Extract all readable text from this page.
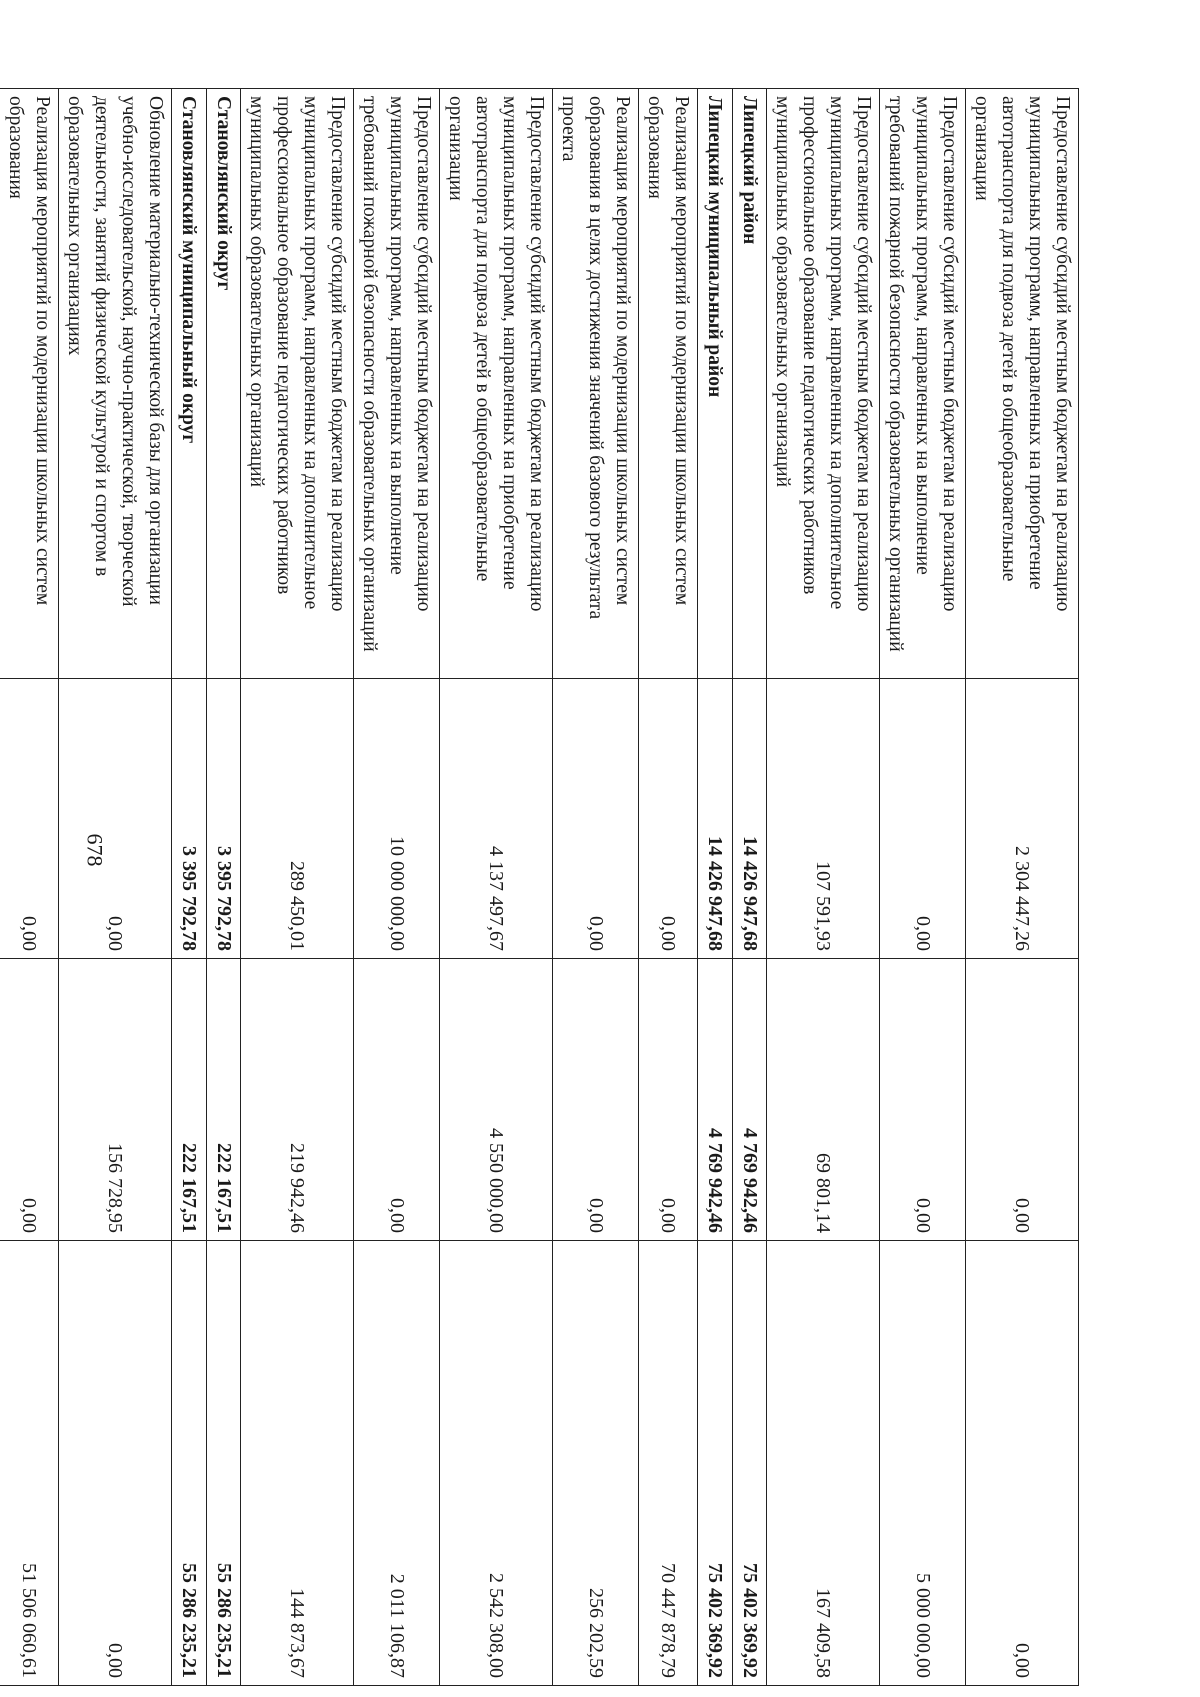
678
Предоставление субсидий местным бюджетам на реализацию муниципальных программ, направленных на приобретение автотранспорта для подвоза детей в общеобразовательные организации	2 304 447,26	0,00	0,00
Предоставление субсидий местным бюджетам на реализацию муниципальных программ, направленных на выполнение требований пожарной безопасности образовательных организаций	0,00	0,00	5 000 000,00
Предоставление субсидий местным бюджетам на реализацию муниципальных программ, направленных на дополнительное профессиональное образование педагогических работников муниципальных образовательных организаций	107 591,93	69 801,14	167 409,58
Липецкий район	14 426 947,68	4 769 942,46	75 402 369,92
Липецкий муниципальный район	14 426 947,68	4 769 942,46	75 402 369,92
Реализация мероприятий по модернизации школьных систем образования	0,00	0,00	70 447 878,79
Реализация мероприятий по модернизации школьных систем образования в целях достижения значений базового результата проекта	0,00	0,00	256 202,59
Предоставление субсидий местным бюджетам на реализацию муниципальных программ, направленных на приобретение автотранспорта для подвоза детей в общеобразовательные организации	4 137 497,67	4 550 000,00	2 542 308,00
Предоставление субсидий местным бюджетам на реализацию муниципальных программ, направленных на выполнение требований пожарной безопасности образовательных организаций	10 000 000,00	0,00	2 011 106,87
Предоставление субсидий местным бюджетам на реализацию муниципальных программ, направленных на дополнительное профессиональное образование педагогических работников муниципальных образовательных организаций	289 450,01	219 942,46	144 873,67
Становлянский округ	3 395 792,78	222 167,51	55 286 235,21
Становлянский муниципальный округ	3 395 792,78	222 167,51	55 286 235,21
Обновление материально-технической базы для организации учебно-исследовательской, научно-практической, творческой деятельности, занятий физической культурой и спортом в образовательных организациях	0,00	156 728,95	0,00
Реализация мероприятий по модернизации школьных систем образования	0,00	0,00	51 506 060,61
